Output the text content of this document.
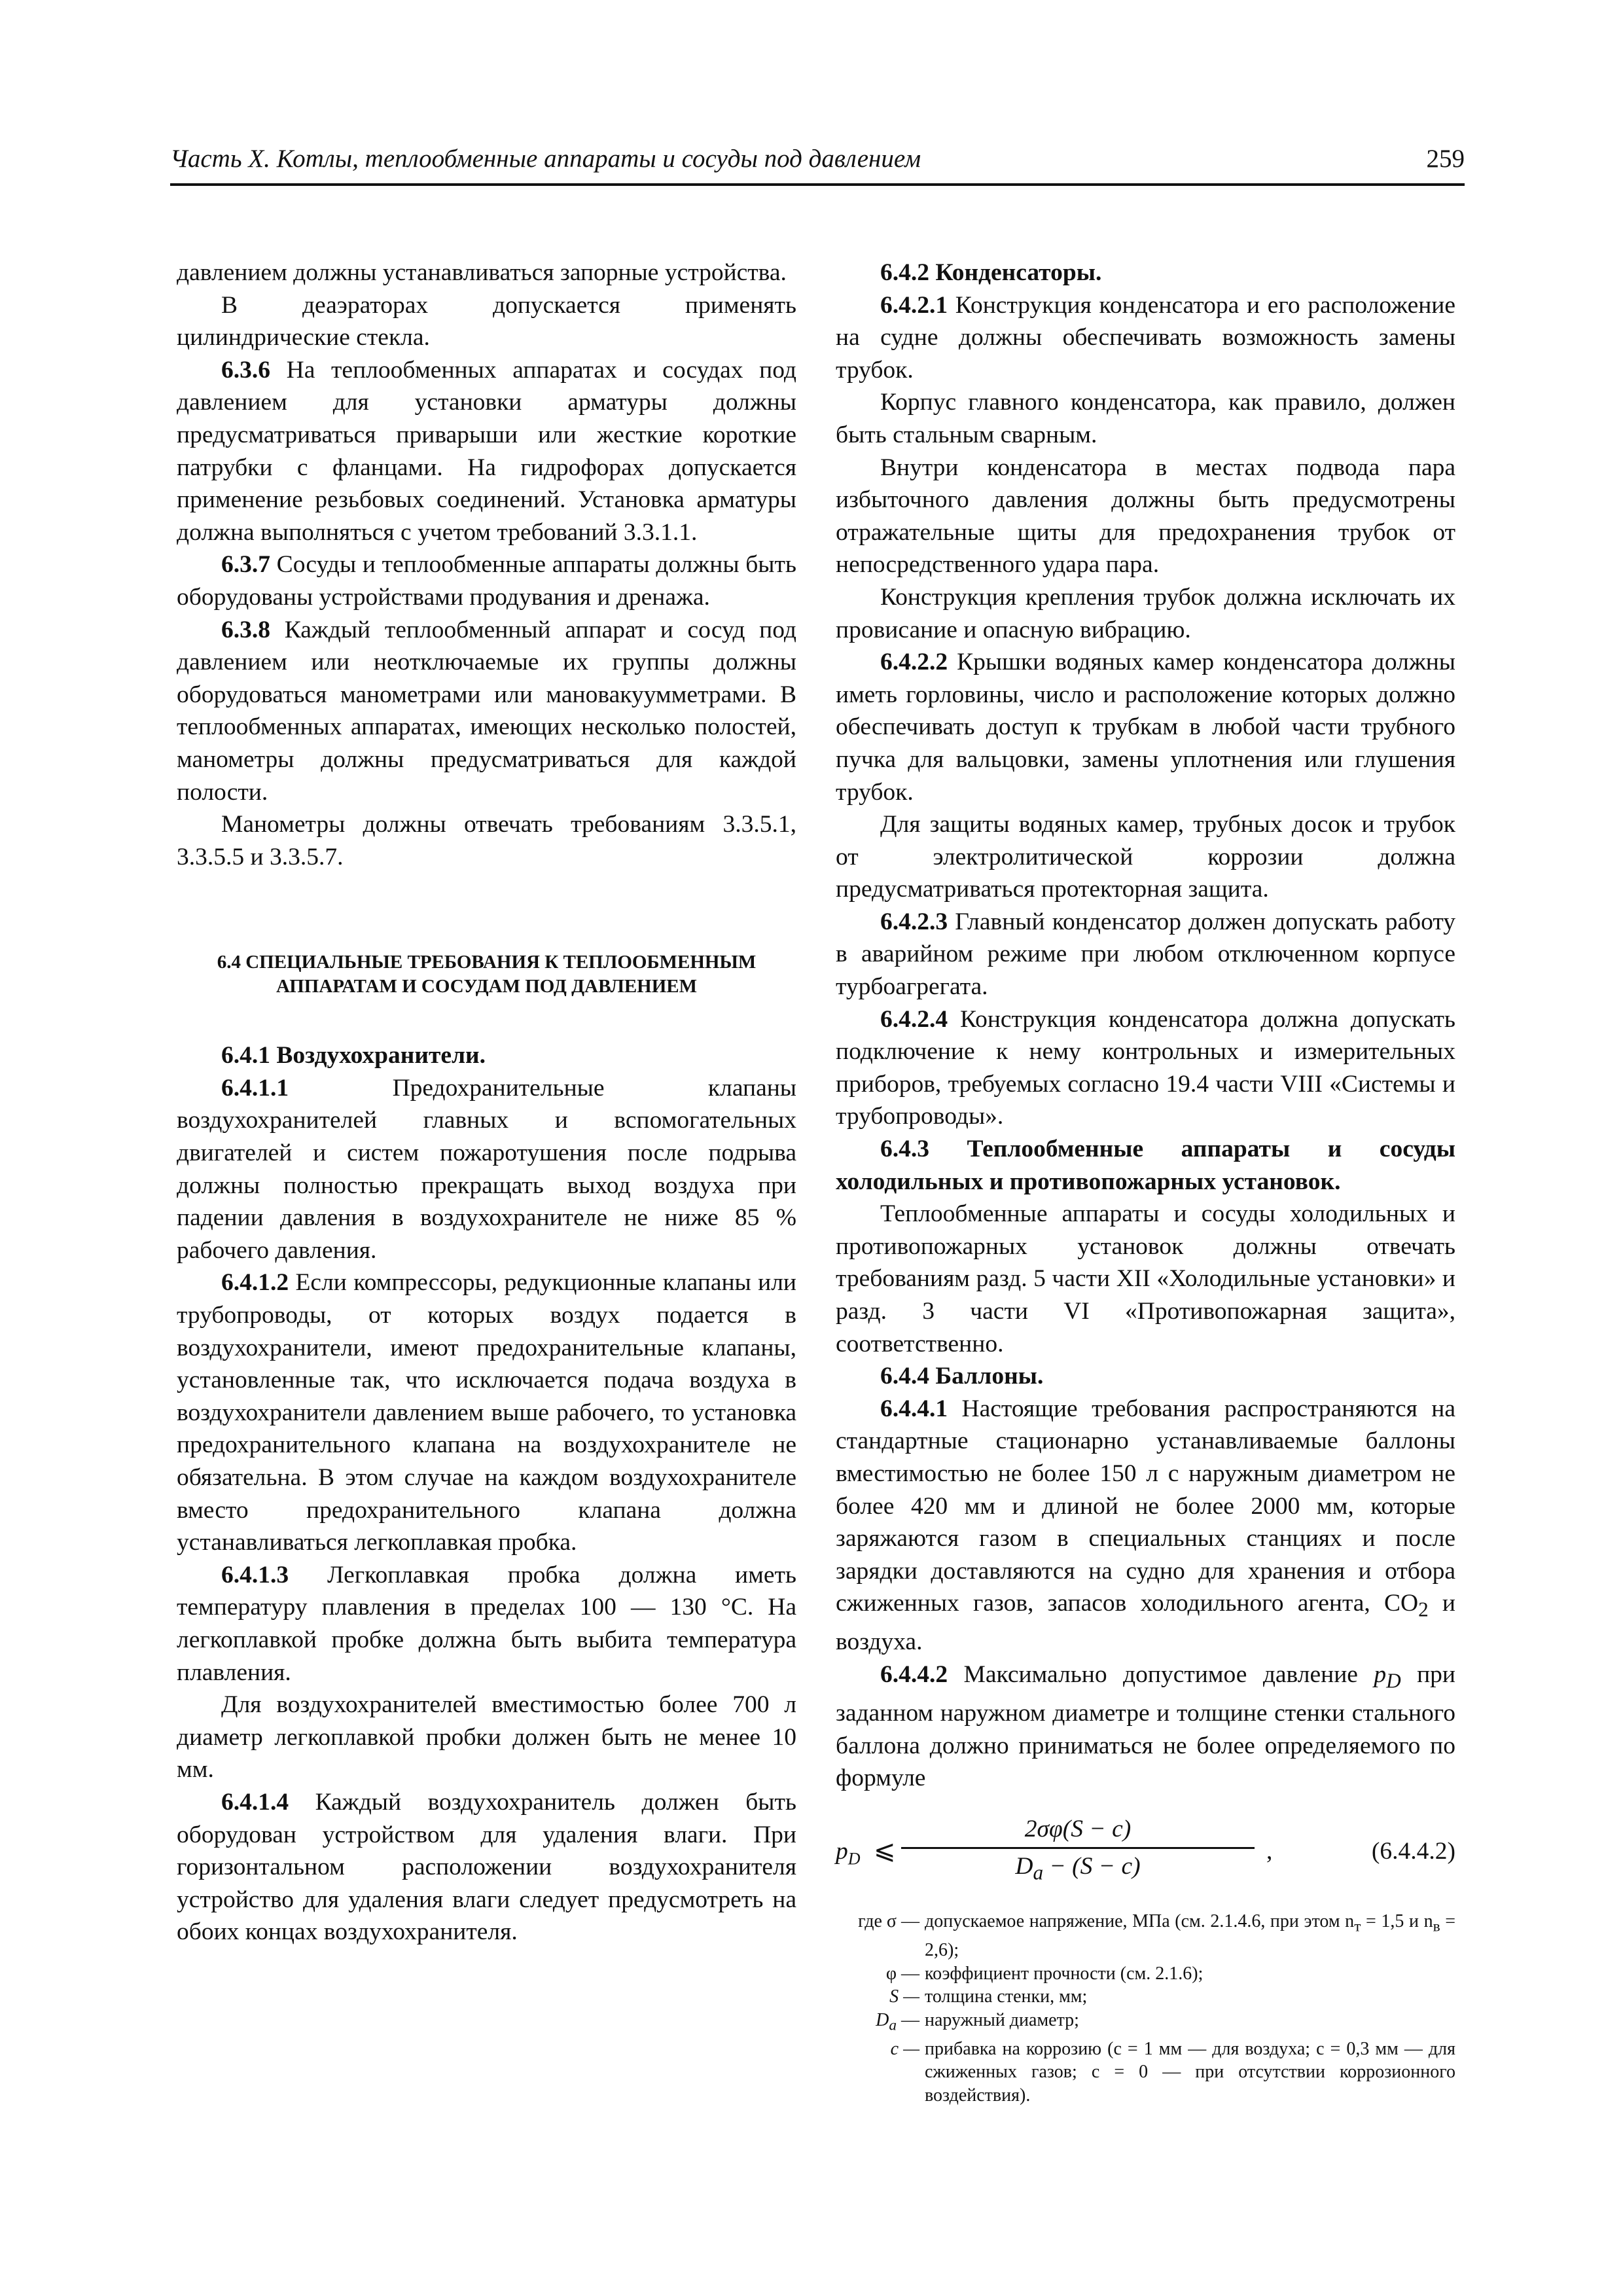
Часть X. Котлы, теплообменные аппараты и сосуды под давлением	259

давлением должны устанавливаться запорные устройства.

В деаэраторах допускается применять цилиндрические стекла.

6.3.6 На теплообменных аппаратах и сосудах под давлением для установки арматуры должны предусматриваться приварыши или жесткие короткие патрубки с фланцами. На гидрофорах допускается применение резьбовых соединений. Установка арматуры должна выполняться с учетом требований 3.3.1.1.

6.3.7 Сосуды и теплообменные аппараты должны быть оборудованы устройствами продувания и дренажа.

6.3.8 Каждый теплообменный аппарат и сосуд под давлением или неотключаемые их группы должны оборудоваться манометрами или мановакуумметрами. В теплообменных аппаратах, имеющих несколько полостей, манометры должны предусматриваться для каждой полости.

Манометры должны отвечать требованиям 3.3.5.1, 3.3.5.5 и 3.3.5.7.

6.4 СПЕЦИАЛЬНЫЕ ТРЕБОВАНИЯ К ТЕПЛООБМЕННЫМ АППАРАТАМ И СОСУДАМ ПОД ДАВЛЕНИЕМ

6.4.1 Воздухохранители.

6.4.1.1 Предохранительные клапаны воздухохранителей главных и вспомогательных двигателей и систем пожаротушения после подрыва должны полностью прекращать выход воздуха при падении давления в воздухохранителе не ниже 85 % рабочего давления.

6.4.1.2 Если компрессоры, редукционные клапаны или трубопроводы, от которых воздух подается в воздухохранители, имеют предохранительные клапаны, установленные так, что исключается подача воздуха в воздухохранители давлением выше рабочего, то установка предохранительного клапана на воздухохранителе не обязательна. В этом случае на каждом воздухохранителе вместо предохранительного клапана должна устанавливаться легкоплавкая пробка.

6.4.1.3 Легкоплавкая пробка должна иметь температуру плавления в пределах 100 — 130 °C. На легкоплавкой пробке должна быть выбита температура плавления.

Для воздухохранителей вместимостью более 700 л диаметр легкоплавкой пробки должен быть не менее 10 мм.

6.4.1.4 Каждый воздухохранитель должен быть оборудован устройством для удаления влаги. При горизонтальном расположении воздухохранителя устройство для удаления влаги следует предусмотреть на обоих концах воздухохранителя.

6.4.2 Конденсаторы.

6.4.2.1 Конструкция конденсатора и его расположение на судне должны обеспечивать возможность замены трубок.

Корпус главного конденсатора, как правило, должен быть стальным сварным.

Внутри конденсатора в местах подвода пара избыточного давления должны быть предусмотрены отражательные щиты для предохранения трубок от непосредственного удара пара.

Конструкция крепления трубок должна исключать их провисание и опасную вибрацию.

6.4.2.2 Крышки водяных камер конденсатора должны иметь горловины, число и расположение которых должно обеспечивать доступ к трубкам в любой части трубного пучка для вальцовки, замены уплотнения или глушения трубок.

Для защиты водяных камер, трубных досок и трубок от электролитической коррозии должна предусматриваться протекторная защита.

6.4.2.3 Главный конденсатор должен допускать работу в аварийном режиме при любом отключенном корпусе турбоагрегата.

6.4.2.4 Конструкция конденсатора должна допускать подключение к нему контрольных и измерительных приборов, требуемых согласно 19.4 части VIII «Системы и трубопроводы».

6.4.3 Теплообменные аппараты и сосуды холодильных и противопожарных установок.

Теплообменные аппараты и сосуды холодильных и противопожарных установок должны отвечать требованиям разд. 5 части XII «Холодильные установки» и разд. 3 части VI «Противопожарная защита», соответственно.

6.4.4 Баллоны.

6.4.4.1 Настоящие требования распространяются на стандартные стационарно устанавливаемые баллоны вместимостью не более 150 л с наружным диаметром не более 420 мм и длиной не более 2000 мм, которые заряжаются газом в специальных станциях и после зарядки доставляются на судно для хранения и отбора сжиженных газов, запасов холодильного агента, $CO_2$ и воздуха.

6.4.4.2 Максимально допустимое давление $p_D$ при заданном наружном диаметре и толщине стенки стального баллона должно приниматься не более определяемого по формуле

$p_D$ ⩽
2σφ(S − c)
$D_a - (S - c)$
,	(6.4.4.2)
где σ — допускаемое напряжение, МПа (см. 2.1.4.6, при этом $n_т = 1,5$ и $n_в = 2,6$);
φ — коэффициент прочности (см. 2.1.6);
S — толщина стенки, мм;
$D_a$ — наружный диаметр;
c — прибавка на коррозию (c = 1 мм — для воздуха; c = 0,3 мм — для сжиженных газов; c = 0 — при отсутствии коррозионного воздействия).
